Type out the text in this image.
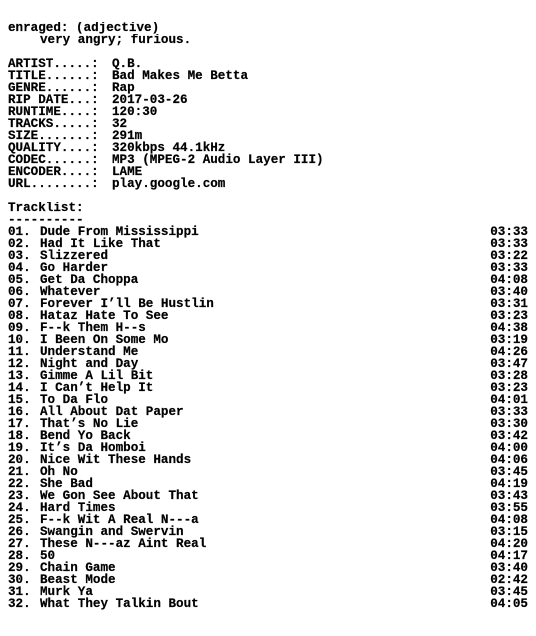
enraged: (adjective)
very angry; furious.
ARTIST.....:	Q.B.
TITLE......:	Bad Makes Me Betta
GENRE......:	Rap
RIP DATE...:	2017-03-26
RUNTIME....:	120:30
TRACKS.....:	32
SIZE.......:	291m
QUALITY....:	320kbps 44.1kHz
CODEC......:	MP3 (MPEG-2 Audio Layer III)
ENCODER....:	LAME
URL........:	play.google.com
Tracklist:
----------
01. Dude From Mississippi	03:33
02. Had It Like That	03:33
03. Slizzered	03:22
04. Go Harder	03:33
05. Get Da Choppa	04:08
06. Whatever	03:40
07. Forever I’ll Be Hustlin	03:31
08. Hataz Hate To See	03:23
09. F--k Them H--s	04:38
10. I Been On Some Mo	03:19
11. Understand Me	04:26
12. Night and Day	03:47
13. Gimme A Lil Bit	03:28
14. I Can’t Help It	03:23
15. To Da Flo	04:01
16. All About Dat Paper	03:33
17. That’s No Lie	03:30
18. Bend Yo Back	03:42
19. It’s Da Homboi	04:00
20. Nice Wit These Hands	04:06
21. Oh No	03:45
22. She Bad	04:19
23. We Gon See About That	03:43
24. Hard Times	03:55
25. F--k Wit A Real N---a	04:08
26. Swangin and Swervin	03:15
27. These N---az Aint Real	04:20
28. 50	04:17
29. Chain Game	03:40
30. Beast Mode	02:42
31. Murk Ya	03:45
32. What They Talkin Bout	04:05
